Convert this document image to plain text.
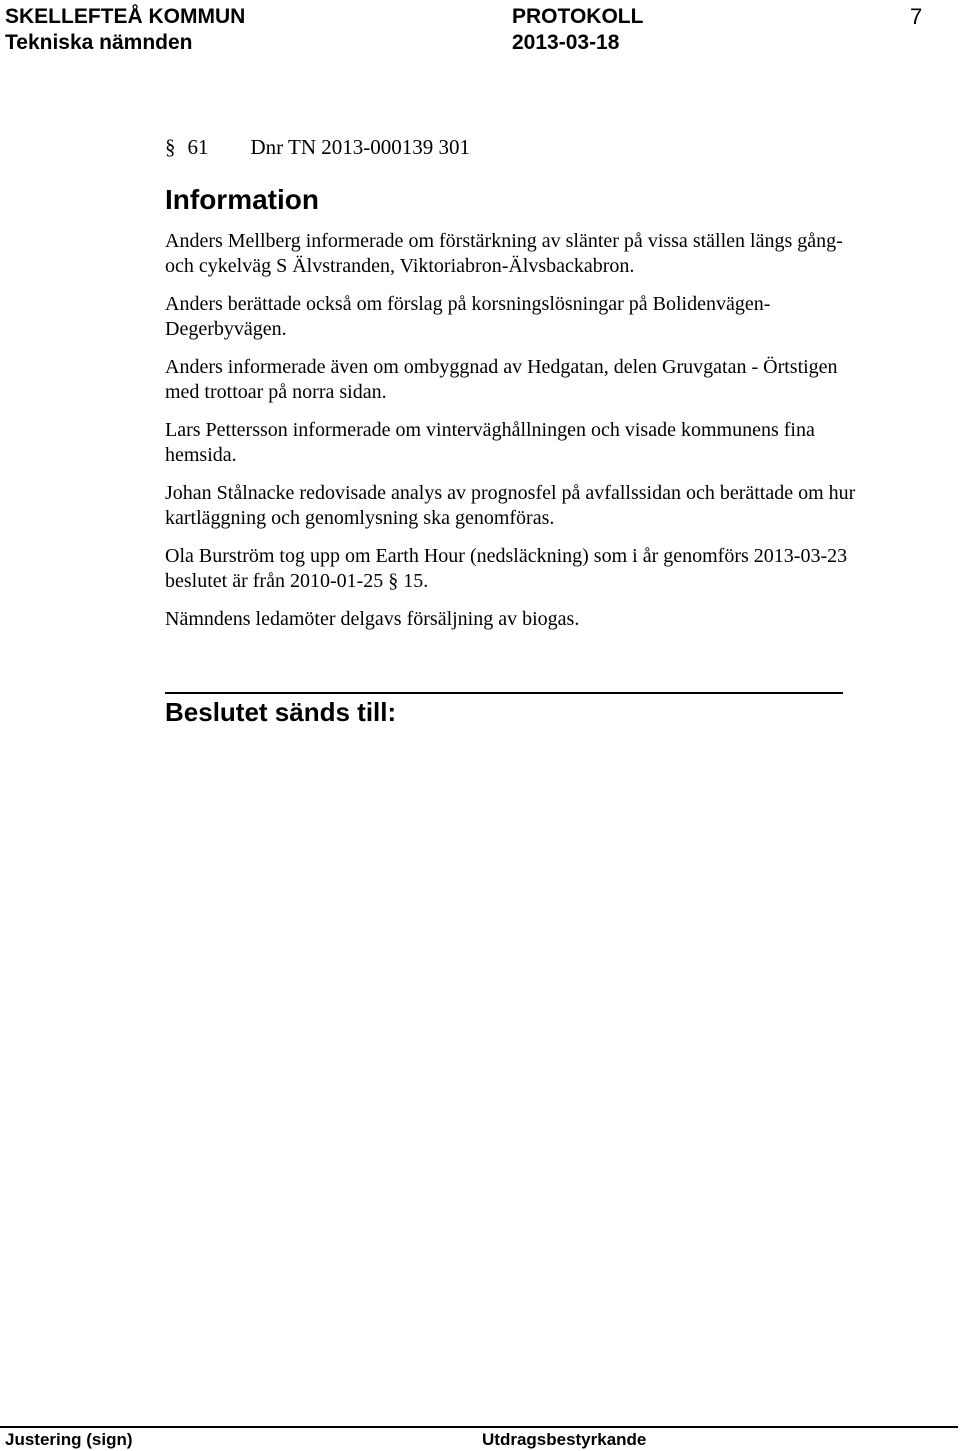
SKELLEFTEÅ KOMMUN
Tekniska nämnden
PROTOKOLL
2013-03-18
7
§ 61 Dnr TN 2013-000139 301
Information

Anders Mellberg informerade om förstärkning av slänter på vissa ställen längs gång- och cykelväg S Älvstranden, Viktoriabron-Älvsbackabron.

Anders berättade också om förslag på korsningslösningar på Bolidenvägen-Degerbyvägen.

Anders informerade även om ombyggnad av Hedgatan, delen Gruvgatan - Örtstigen med trottoar på norra sidan.

Lars Pettersson informerade om vinterväghållningen och visade kommunens fina hemsida.

Johan Stålnacke redovisade analys av prognosfel på avfallssidan och berättade om hur kartläggning och genomlysning ska genomföras.

Ola Burström tog upp om Earth Hour (nedsläckning) som i år genomförs 2013-03-23 beslutet är från 2010-01-25 § 15.

Nämndens ledamöter delgavs försäljning av biogas.

Beslutet sänds till:
Justering (sign)	Utdragsbestyrkande
